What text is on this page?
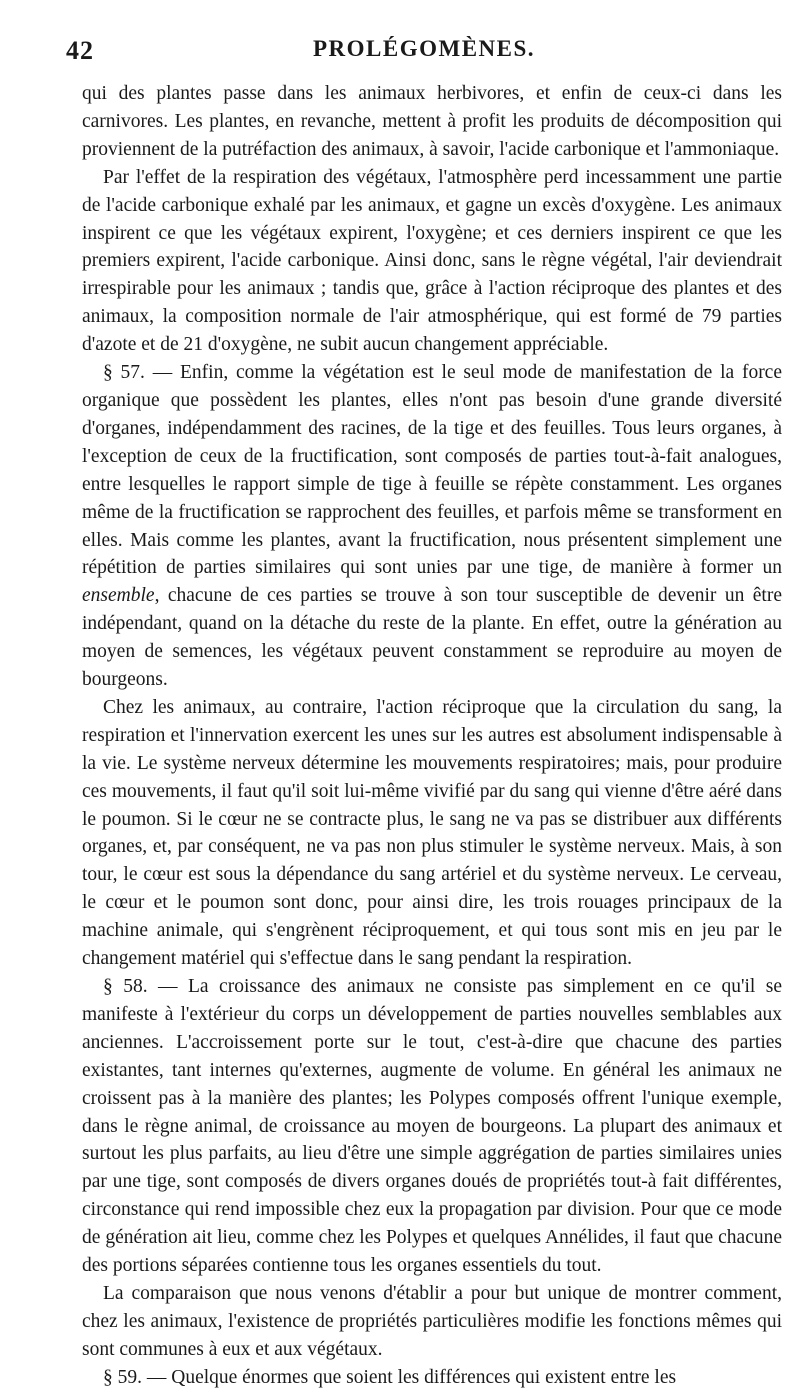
42	PROLÉGOMÈNES.

qui des plantes passe dans les animaux herbivores, et enfin de ceux-ci dans les carnivores. Les plantes, en revanche, mettent à profit les produits de décomposition qui proviennent de la putréfaction des animaux, à savoir, l'acide carbonique et l'ammoniaque.

Par l'effet de la respiration des végétaux, l'atmosphère perd incessamment une partie de l'acide carbonique exhalé par les animaux, et gagne un excès d'oxygène. Les animaux inspirent ce que les végétaux expirent, l'oxygène; et ces derniers inspirent ce que les premiers expirent, l'acide carbonique. Ainsi donc, sans le règne végétal, l'air deviendrait irrespirable pour les animaux ; tandis que, grâce à l'action réciproque des plantes et des animaux, la composition normale de l'air atmosphérique, qui est formé de 79 parties d'azote et de 21 d'oxygène, ne subit aucun changement appréciable.

§ 57. — Enfin, comme la végétation est le seul mode de manifestation de la force organique que possèdent les plantes, elles n'ont pas besoin d'une grande diversité d'organes, indépendamment des racines, de la tige et des feuilles. Tous leurs organes, à l'exception de ceux de la fructification, sont composés de parties tout-à-fait analogues, entre lesquelles le rapport simple de tige à feuille se répète constamment. Les organes même de la fructification se rapprochent des feuilles, et parfois même se transforment en elles. Mais comme les plantes, avant la fructification, nous présentent simplement une répétition de parties similaires qui sont unies par une tige, de manière à former un ensemble, chacune de ces parties se trouve à son tour susceptible de devenir un être indépendant, quand on la détache du reste de la plante. En effet, outre la génération au moyen de semences, les végétaux peuvent constamment se reproduire au moyen de bourgeons.

Chez les animaux, au contraire, l'action réciproque que la circulation du sang, la respiration et l'innervation exercent les unes sur les autres est absolument indispensable à la vie. Le système nerveux détermine les mouvements respiratoires; mais, pour produire ces mouvements, il faut qu'il soit lui-même vivifié par du sang qui vienne d'être aéré dans le poumon. Si le cœur ne se contracte plus, le sang ne va pas se distribuer aux différents organes, et, par conséquent, ne va pas non plus stimuler le système nerveux. Mais, à son tour, le cœur est sous la dépendance du sang artériel et du système nerveux. Le cerveau, le cœur et le poumon sont donc, pour ainsi dire, les trois rouages principaux de la machine animale, qui s'engrènent réciproquement, et qui tous sont mis en jeu par le changement matériel qui s'effectue dans le sang pendant la respiration.

§ 58. — La croissance des animaux ne consiste pas simplement en ce qu'il se manifeste à l'extérieur du corps un développement de parties nouvelles semblables aux anciennes. L'accroissement porte sur le tout, c'est-à-dire que chacune des parties existantes, tant internes qu'externes, augmente de volume. En général les animaux ne croissent pas à la manière des plantes; les Polypes composés offrent l'unique exemple, dans le règne animal, de croissance au moyen de bourgeons. La plupart des animaux et surtout les plus parfaits, au lieu d'être une simple aggrégation de parties similaires unies par une tige, sont composés de divers organes doués de propriétés tout-à fait différentes, circonstance qui rend impossible chez eux la propagation par division. Pour que ce mode de génération ait lieu, comme chez les Polypes et quelques Annélides, il faut que chacune des portions séparées contienne tous les organes essentiels du tout.

La comparaison que nous venons d'établir a pour but unique de montrer comment, chez les animaux, l'existence de propriétés particulières modifie les fonctions mêmes qui sont communes à eux et aux végétaux.

§ 59. — Quelque énormes que soient les différences qui existent entre les
